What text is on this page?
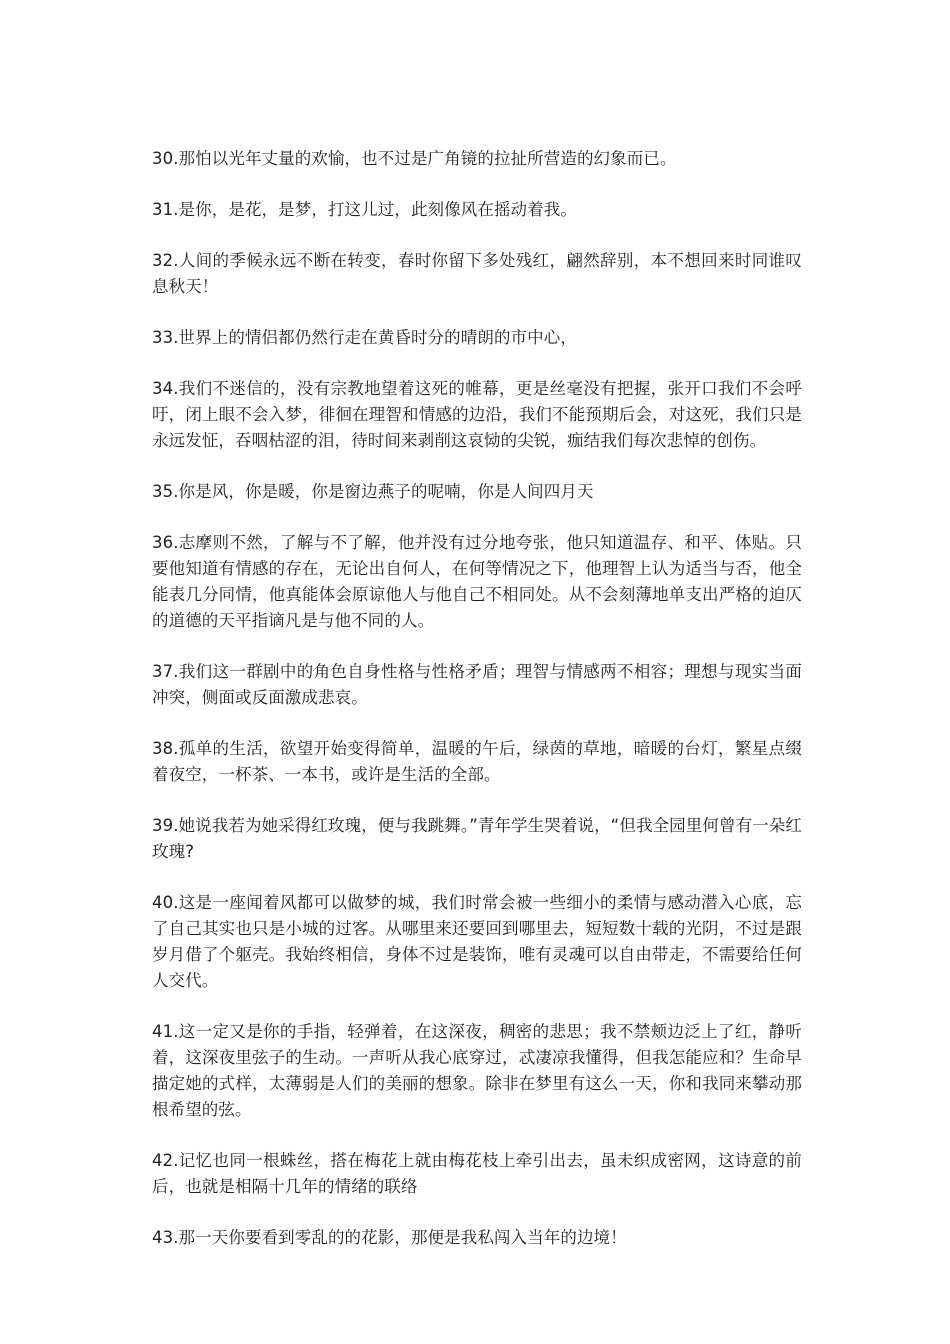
30.那怕以光年丈量的欢愉，也不过是广角镜的拉扯所营造的幻象而已。

31.是你，是花，是梦，打这儿过，此刻像风在摇动着我。

32.人间的季候永远不断在转变，春时你留下多处残红，翩然辞别，本不想回来时同谁叹息秋天！

33.世界上的情侣都仍然行走在黄昏时分的晴朗的市中心，

34.我们不迷信的，没有宗教地望着这死的帷幕，更是丝毫没有把握，张开口我们不会呼吁，闭上眼不会入梦，徘徊在理智和情感的边沿，我们不能预期后会，对这死，我们只是永远发怔，吞咽枯涩的泪，待时间来剥削这哀恸的尖锐，痂结我们每次悲悼的创伤。

35.你是风，你是暖，你是窗边燕子的呢喃，你是人间四月天

36.志摩则不然，了解与不了解，他并没有过分地夸张，他只知道温存、和平、体贴。只要他知道有情感的存在，无论出自何人，在何等情况之下，他理智上认为适当与否，他全能表几分同情，他真能体会原谅他人与他自己不相同处。从不会刻薄地单支出严格的迫仄的道德的天平指谪凡是与他不同的人。

37.我们这一群剧中的角色自身性格与性格矛盾；理智与情感两不相容；理想与现实当面冲突，侧面或反面激成悲哀。

38.孤单的生活，欲望开始变得简单，温暖的午后，绿茵的草地，暗暖的台灯，繁星点缀着夜空，一杯茶、一本书，或许是生活的全部。

39.她说我若为她采得红玫瑰，便与我跳舞。”青年学生哭着说，“但我全园里何曾有一朵红玫瑰?

40.这是一座闻着风都可以做梦的城，我们时常会被一些细小的柔情与感动潜入心底，忘了自己其实也只是小城的过客。从哪里来还要回到哪里去，短短数十载的光阴，不过是跟岁月借了个躯壳。我始终相信，身体不过是装饰，唯有灵魂可以自由带走，不需要给任何人交代。

41.这一定又是你的手指，轻弹着，在这深夜，稠密的悲思；我不禁颊边泛上了红，静听着，这深夜里弦子的生动。一声听从我心底穿过，忒凄凉我懂得，但我怎能应和？生命早描定她的式样，太薄弱是人们的美丽的想象。除非在梦里有这么一天，你和我同来攀动那根希望的弦。

42.记忆也同一根蛛丝，搭在梅花上就由梅花枝上牵引出去，虽未织成密网，这诗意的前后，也就是相隔十几年的情绪的联络

43.那一天你要看到零乱的的花影，那便是我私闯入当年的边境！
